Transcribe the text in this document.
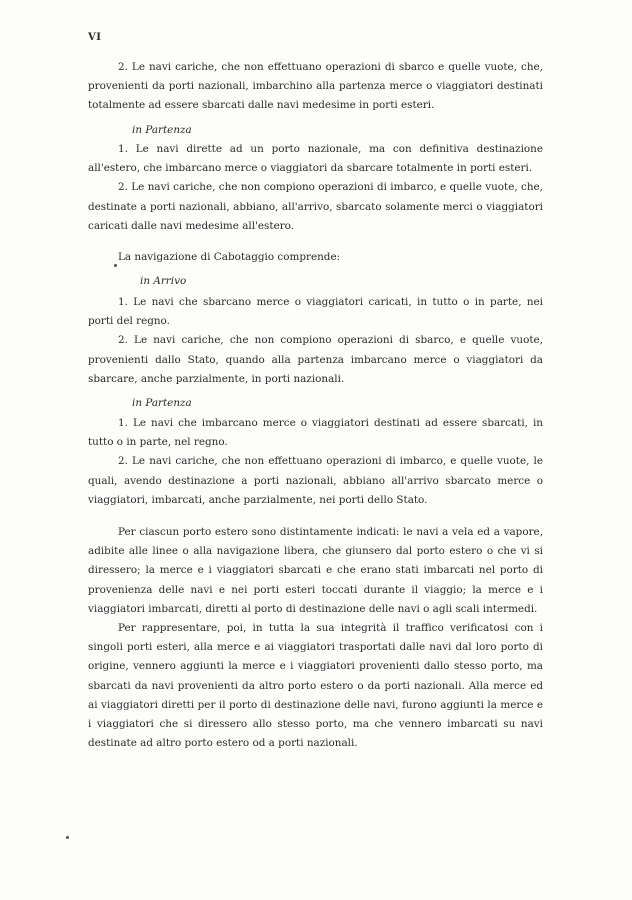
VI

2. Le navi cariche, che non effettuano operazioni di sbarco e quelle vuote, che, provenienti da porti nazionali, imbarchino alla partenza merce o viaggiatori destinati totalmente ad essere sbarcati dalle navi medesime in porti esteri.

in Partenza

1. Le navi dirette ad un porto nazionale, ma con definitiva destinazione all'estero, che imbarcano merce o viaggiatori da sbarcare totalmente in porti esteri.

2. Le navi cariche, che non compiono operazioni di imbarco, e quelle vuote, che, destinate a porti nazionali, abbiano, all'arrivo, sbarcato solamente merci o viaggiatori caricati dalle navi medesime all'estero.

La navigazione di Cabotaggio comprende:

in Arrivo

1. Le navi che sbarcano merce o viaggiatori caricati, in tutto o in parte, nei porti del regno.

2. Le navi cariche, che non compiono operazioni di sbarco, e quelle vuote, provenienti dallo Stato, quando alla partenza imbarcano merce o viaggiatori da sbarcare, anche parzialmente, in porti nazionali.

in Partenza

1. Le navi che imbarcano merce o viaggiatori destinati ad essere sbarcati, in tutto o in parte, nel regno.

2. Le navi cariche, che non effettuano operazioni di imbarco, e quelle vuote, le quali, avendo destinazione a porti nazionali, abbiano all'arrivo sbarcato merce o viaggiatori, imbarcati, anche parzialmente, nei porti dello Stato.

Per ciascun porto estero sono distintamente indicati: le navi a vela ed a vapore, adibite alle linee o alla navigazione libera, che giunsero dal porto estero o che vi si diressero; la merce e i viaggiatori sbarcati e che erano stati imbarcati nel porto di provenienza delle navi e nei porti esteri toccati durante il viaggio; la merce e i viaggiatori imbarcati, diretti al porto di destinazione delle navi o agli scali intermedi.

Per rappresentare, poi, in tutta la sua integrità il traffico verificatosi con i singoli porti esteri, alla merce e ai viaggiatori trasportati dalle navi dal loro porto di origine, vennero aggiunti la merce e i viaggiatori provenienti dallo stesso porto, ma sbarcati da navi provenienti da altro porto estero o da porti nazionali. Alla merce ed ai viaggiatori diretti per il porto di destinazione delle navi, furono aggiunti la merce e i viaggiatori che si diressero allo stesso porto, ma che vennero imbarcati su navi destinate ad altro porto estero od a porti nazionali.
